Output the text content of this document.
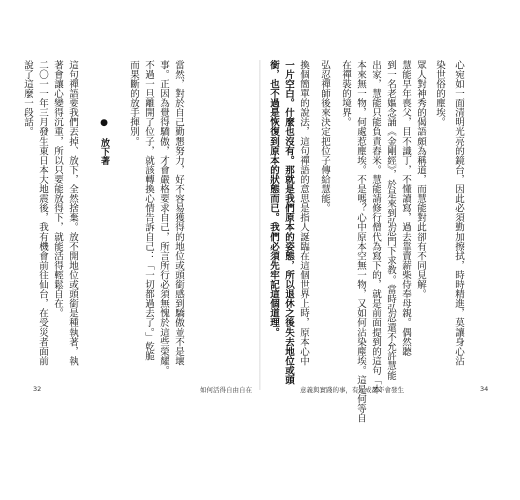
說了這麼一段話。 二〇一一年三月發生東日本大地震後，我有機會前往仙台，在受災者面前 著會讓心變得沉重，所以只要能放得下，就能活得輕鬆自在。 這句禪語要我們丟掉、放下，全然捨棄。放不開地位或頭銜是種執著，執 ● 放下著 而果斷的放手揮別。 不過一旦離開了位子，就該轉換心情告訴自己：「一切都過去了。」乾脆 事。正因為覺得驕傲，才會嚴格要求自己，所言所行必須無愧於這些榮耀。 當然，對於自己勤懇努力，好不容易獲得的地位或頭銜感到驕傲並不是壞
32	如何活得自由自在
銜，也不過是恢復到原本的狀態而已。我們必須先牢記這個道理。 一片空白。什麼也沒有。那就是我們原本的姿態，所以退休之後失去地位或頭 換個簡單的說法，這句禪語的意思是指人誕臨在這個世界上時，原本心中 弘忍禪師後來決定把位子傳給慧能。 在禪裝的境界。 本來無一物，何處惹塵埃。不是嗎？心中原本空無一物，又如何沾染塵埃。這是何等自 出家，慧能只能負責舂米。慧能請修行僧代為寫下的，就是前面提到的這句「本 到一名老嫗念誦《金剛經》，於是來到弘忍門下求教。當時弘忍還不允許慧能 慧能早年喪父，目不識丁，不懂讀寫，過去靠賣薪柴侍奉母親。偶然聽 眾人對神秀的偈語頗為稱道，而慧能對此卻有不同見解。 染世俗的塵埃。 心宛如一面清明光亮的鏡台，因此必須勤加擦拭，時時精進，莫讓身心沾
意義與實踐的事，有九成都不會發生	34
